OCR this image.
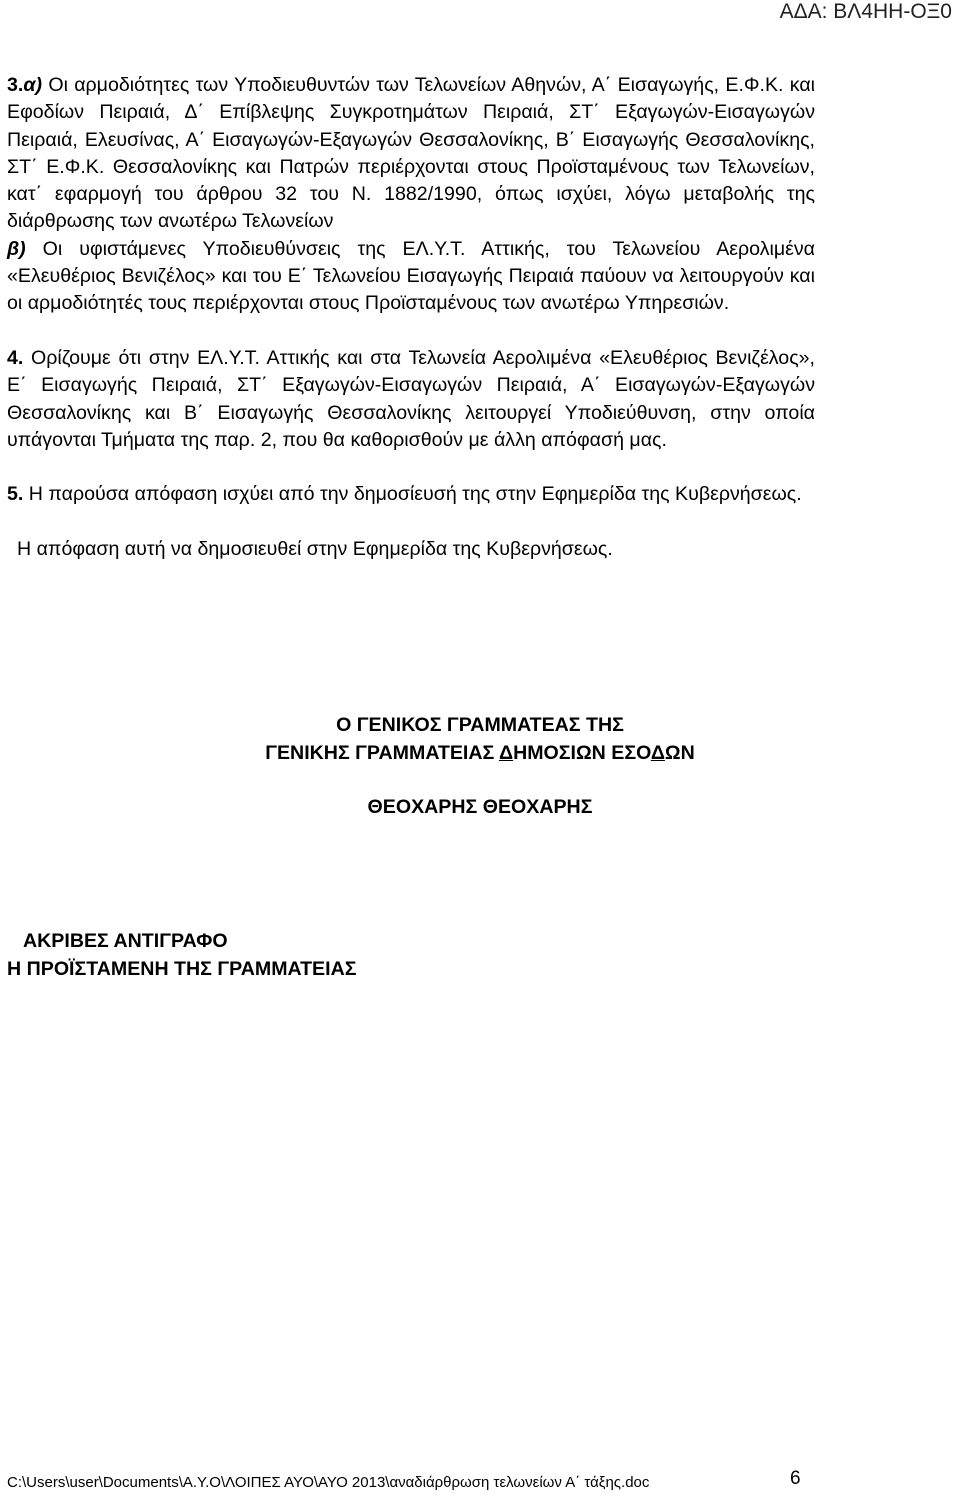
ΑΔΑ: ΒΛ4ΗΗ-ΟΞ0

3.α) Οι αρμοδιότητες των Υποδιευθυντών των Τελωνείων Αθηνών, Α΄ Εισαγωγής, Ε.Φ.Κ. και Εφοδίων Πειραιά, Δ΄ Επίβλεψης Συγκροτημάτων Πειραιά, ΣΤ΄ Εξαγωγών-Εισαγωγών Πειραιά, Ελευσίνας, Α΄ Εισαγωγών-Εξαγωγών Θεσσαλονίκης, Β΄ Εισαγωγής Θεσσαλονίκης, ΣΤ΄ Ε.Φ.Κ. Θεσσαλονίκης και Πατρών περιέρχονται στους Προϊσταμένους των Τελωνείων, κατ΄ εφαρμογή του άρθρου 32 του Ν. 1882/1990, όπως ισχύει, λόγω μεταβολής της διάρθρωσης των ανωτέρω Τελωνείων

β) Οι υφιστάμενες Υποδιευθύνσεις της ΕΛ.Υ.Τ. Αττικής, του Τελωνείου Αερολιμένα «Ελευθέριος Βενιζέλος» και του Ε΄ Τελωνείου Εισαγωγής Πειραιά παύουν να λειτουργούν και οι αρμοδιότητές τους περιέρχονται στους Προϊσταμένους των ανωτέρω Υπηρεσιών.

4. Ορίζουμε ότι στην ΕΛ.Υ.Τ. Αττικής και στα Τελωνεία Αερολιμένα «Ελευθέριος Βενιζέλος», Ε΄ Εισαγωγής Πειραιά, ΣΤ΄ Εξαγωγών-Εισαγωγών Πειραιά, Α΄ Εισαγωγών-Εξαγωγών Θεσσαλονίκης και Β΄ Εισαγωγής Θεσσαλονίκης λειτουργεί Υποδιεύθυνση, στην οποία υπάγονται Τμήματα της παρ. 2, που θα καθορισθούν με άλλη απόφασή μας.

5. Η παρούσα απόφαση ισχύει από την δημοσίευσή της στην Εφημερίδα της Κυβερνήσεως.

Η απόφαση αυτή να δημοσιευθεί στην Εφημερίδα της Κυβερνήσεως.

Ο ΓΕΝΙΚΟΣ ΓΡΑΜΜΑΤΕΑΣ ΤΗΣ
ΓΕΝΙΚΗΣ ΓΡΑΜΜΑΤΕΙΑΣ ΔΗΜΟΣΙΩΝ ΕΣΟΔΩΝ
ΘΕΟΧΑΡΗΣ ΘΕΟΧΑΡΗΣ
ΑΚΡΙΒΕΣ ΑΝΤΙΓΡΑΦΟ
Η ΠΡΟΪΣΤΑΜΕΝΗ ΤΗΣ ΓΡΑΜΜΑΤΕΙΑΣ
C:\Users\user\Documents\Α.Υ.Ο\ΛΟΙΠΕΣ ΑΥΟ\ΑΥΟ 2013\αναδιάρθρωση τελωνείων Α΄ τάξης.doc	6
